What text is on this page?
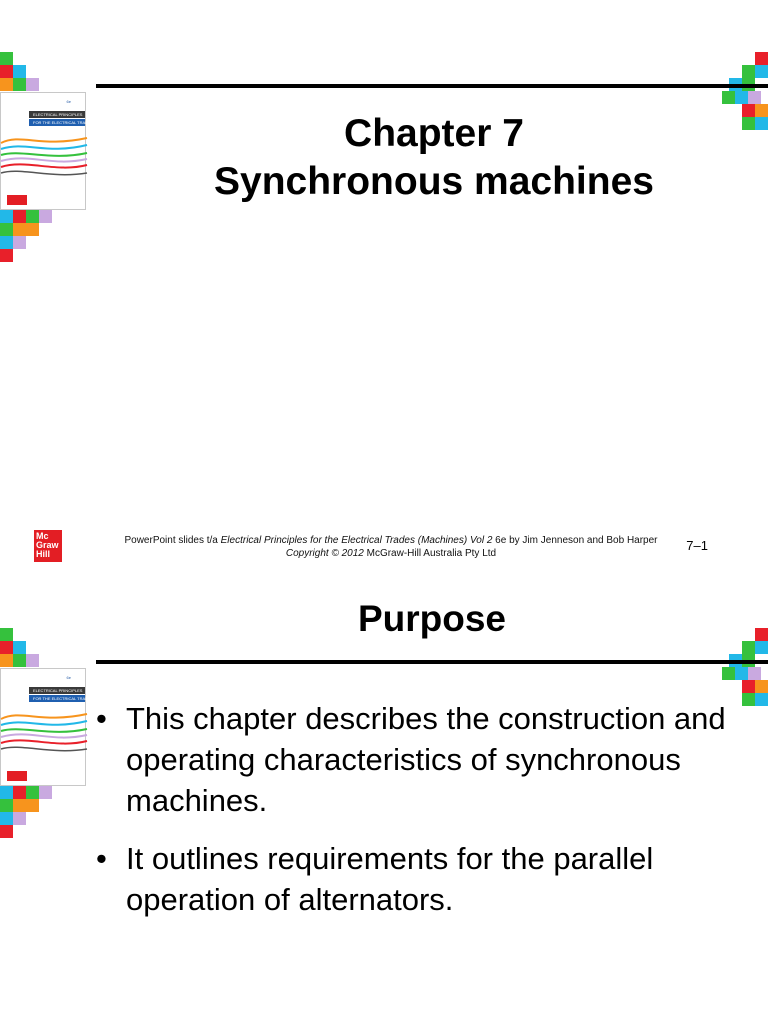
6e
ELECTRICAL PRINCIPLES
FOR THE ELECTRICAL TRADES	Chapter 7
Synchronous machines
PowerPoint slides t/a Electrical Principles for the Electrical Trades (Machines) Vol 2 6e by Jim Jenneson and Bob Harper
Copyright © 2012 McGraw-Hill Australia Pty Ltd
7–1
Mc
Graw
Hill
Purpose
6e
ELECTRICAL PRINCIPLES
FOR THE ELECTRICAL TRADES
• This chapter describes the construction and operating characteristics of synchronous machines.
• It outlines requirements for the parallel operation of alternators.
